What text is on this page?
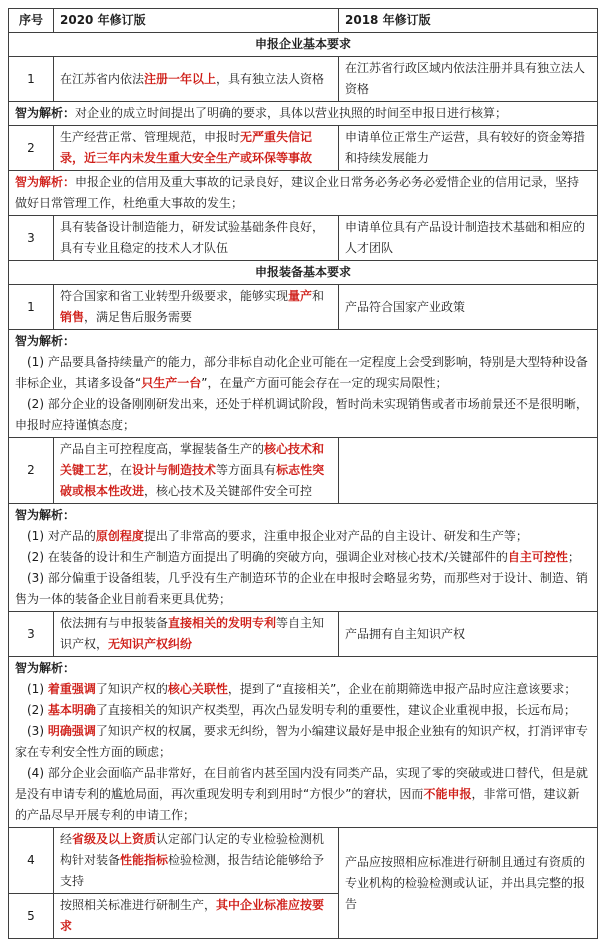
序号	2020 年修订版	2018 年修订版
申报企业基本要求		
1	在江苏省内依法注册一年以上，具有独立法人资格	在江苏省行政区域内依法注册并具有独立法人资格

智为解析：对企业的成立时间提出了明确的要求，具体以营业执照的时间至申报日进行核算；		

2	生产经营正常、管理规范，申报时无严重失信记录，近三年内未发生重大安全生产或环保等事故	申请单位正常生产运营，具有较好的资金筹措和持续发展能力

智为解析：申报企业的信用及重大事故的记录良好，建议企业日常务必务必务必爱惜企业的信用记录，坚持做好日常管理工作，杜绝重大事故的发生；		

3	具有装备设计制造能力，研发试验基础条件良好，具有专业且稳定的技术人才队伍	申请单位具有产品设计制造技术基础和相应的人才团队
申报装备基本要求		
1	符合国家和省工业转型升级要求，能够实现量产和销售，满足售后服务需要	产品符合国家产业政策

智为解析：
(1) 产品要具备持续量产的能力，部分非标自动化企业可能在一定程度上会受到影响，特别是大型特种设备非标企业，其诸多设备“只生产一台”，在量产方面可能会存在一定的现实局限性；
(2) 部分企业的设备刚刚研发出来，还处于样机调试阶段，暂时尚未实现销售或者市场前景还不是很明晰，申报时应持谨慎态度；		

2	产品自主可控程度高，掌握装备生产的核心技术和关键工艺，在设计与制造技术等方面具有标志性突破或根本性改进，核心技术及关键部件安全可控	

智为解析：
(1) 对产品的原创程度提出了非常高的要求，注重申报企业对产品的自主设计、研发和生产等；
(2) 在装备的设计和生产制造方面提出了明确的突破方向，强调企业对核心技术/关键部件的自主可控性；
(3) 部分偏重于设备组装，几乎没有生产制造环节的企业在申报时会略显劣势，而那些对于设计、制造、销售为一体的装备企业目前看来更具优势；		

3	依法拥有与申报装备直接相关的发明专利等自主知识产权，无知识产权纠纷	产品拥有自主知识产权

智为解析：
(1) 着重强调了知识产权的核心关联性，提到了“直接相关”，企业在前期筛选申报产品时应注意该要求；
(2) 基本明确了直接相关的知识产权类型，再次凸显发明专利的重要性，建议企业重视申报，长远布局；
(3) 明确强调了知识产权的权属，要求无纠纷，智为小编建议最好是申报企业独有的知识产权，打消评审专家在专利安全性方面的顾虑；
(4) 部分企业会面临产品非常好，在目前省内甚至国内没有同类产品，实现了零的突破或进口替代，但是就是没有申请专利的尴尬局面，再次重现发明专利到用时“方恨少”的窘状，因而不能申报，非常可惜，建议新的产品尽早开展专利的申请工作；		

4	经省级及以上资质认定部门认定的专业检验检测机构针对装备性能指标检验检测，报告结论能够给予支持	产品应按照相应标准进行研制且通过有资质的专业机构的检验检测或认证，并出具完整的报告
5	按照相关标准进行研制生产，其中企业标准应按要求	
